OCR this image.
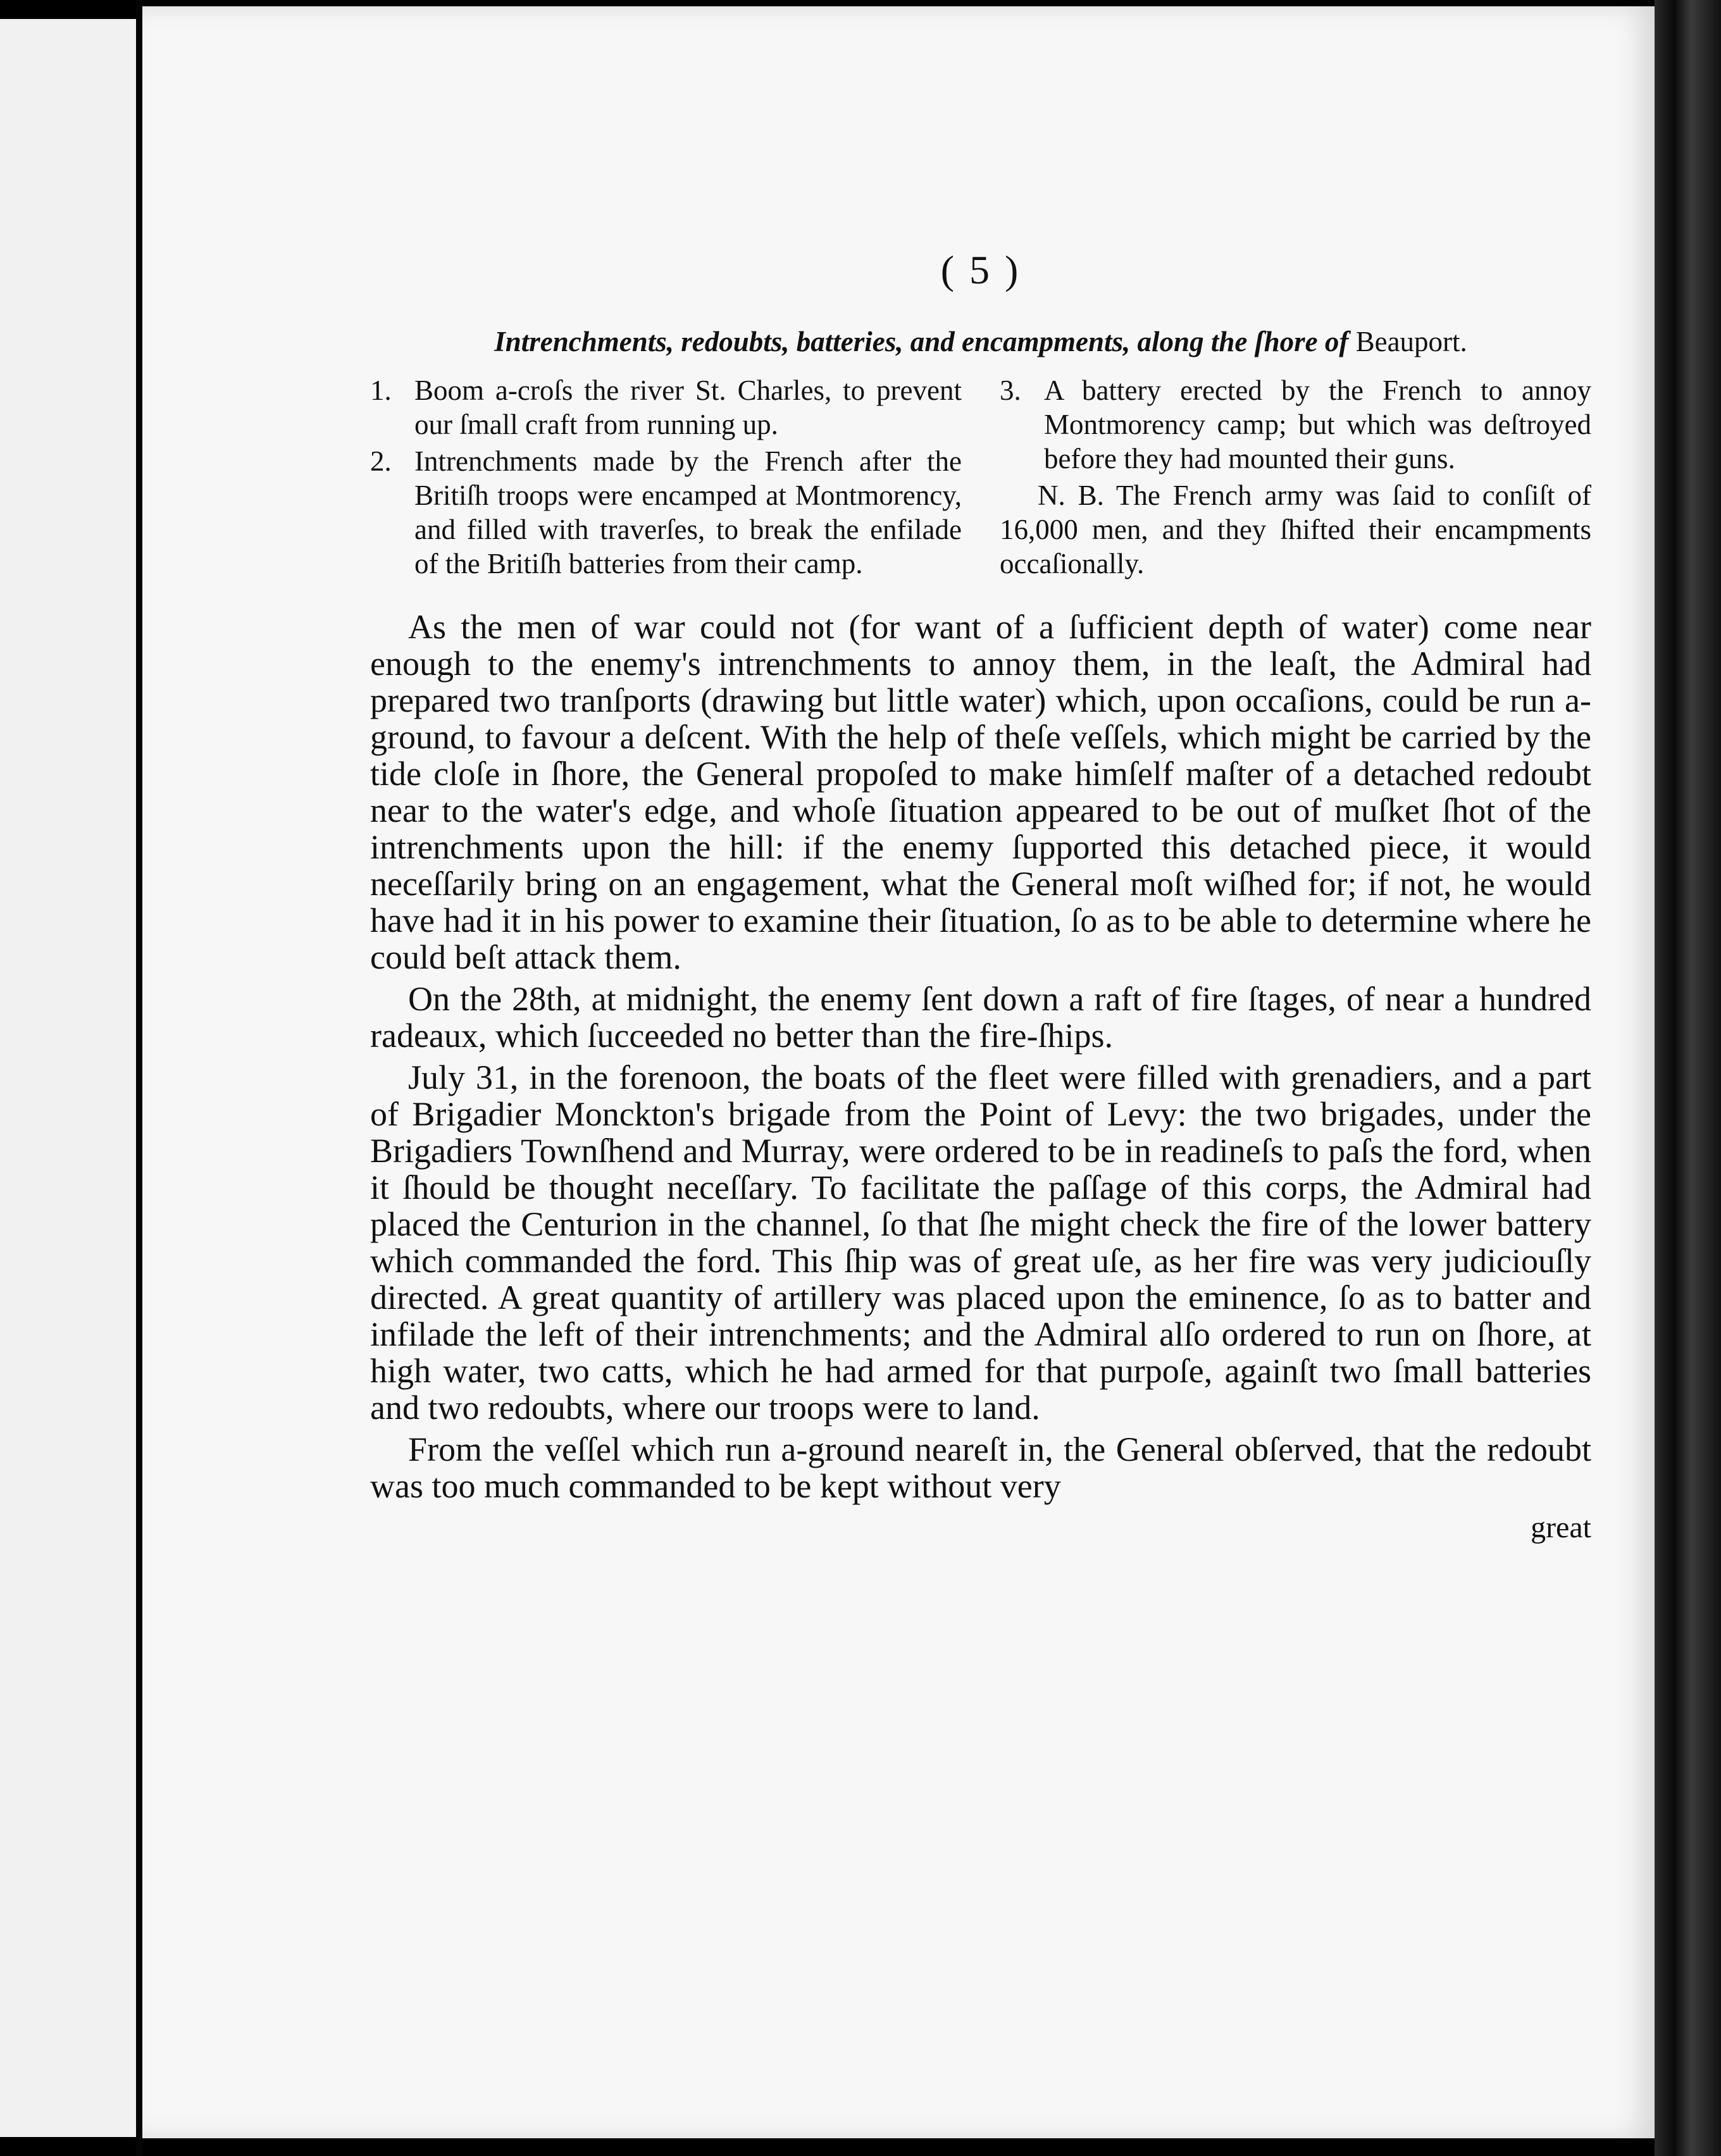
( 5 )
Intrenchments, redoubts, batteries, and encampments, along the ſhore of Beauport.
1. Boom a-croſs the river St. Charles, to prevent our ſmall craft from running up.
2. Intrenchments made by the French after the Britiſh troops were encamped at Montmorency, and filled with traverſes, to break the enfilade of the Britiſh batteries from their camp.
3. A battery erected by the French to annoy Montmorency camp; but which was deſtroyed before they had mounted their guns.
N. B. The French army was ſaid to conſiſt of 16,000 men, and they ſhifted their encampments occaſionally.

As the men of war could not (for want of a ſufficient depth of water) come near enough to the enemy's intrenchments to annoy them, in the leaſt, the Admiral had prepared two tranſports (drawing but little water) which, upon occaſions, could be run a-ground, to favour a deſcent. With the help of theſe veſſels, which might be carried by the tide cloſe in ſhore, the General propoſed to make himſelf maſter of a detached redoubt near to the water's edge, and whoſe ſituation appeared to be out of muſket ſhot of the intrenchments upon the hill: if the enemy ſupported this detached piece, it would neceſſarily bring on an engagement, what the General moſt wiſhed for; if not, he would have had it in his power to examine their ſituation, ſo as to be able to determine where he could beſt attack them.

On the 28th, at midnight, the enemy ſent down a raft of fire ſtages, of near a hundred radeaux, which ſucceeded no better than the fire-ſhips.

July 31, in the forenoon, the boats of the fleet were filled with grenadiers, and a part of Brigadier Monckton's brigade from the Point of Levy: the two brigades, under the Brigadiers Townſhend and Murray, were ordered to be in readineſs to paſs the ford, when it ſhould be thought neceſſary. To facilitate the paſſage of this corps, the Admiral had placed the Centurion in the channel, ſo that ſhe might check the fire of the lower battery which commanded the ford. This ſhip was of great uſe, as her fire was very judiciouſly directed. A great quantity of artillery was placed upon the eminence, ſo as to batter and infilade the left of their intrenchments; and the Admiral alſo ordered to run on ſhore, at high water, two catts, which he had armed for that purpoſe, againſt two ſmall batteries and two redoubts, where our troops were to land.

From the veſſel which run a-ground neareſt in, the General obſerved, that the redoubt was too much commanded to be kept without very

great
